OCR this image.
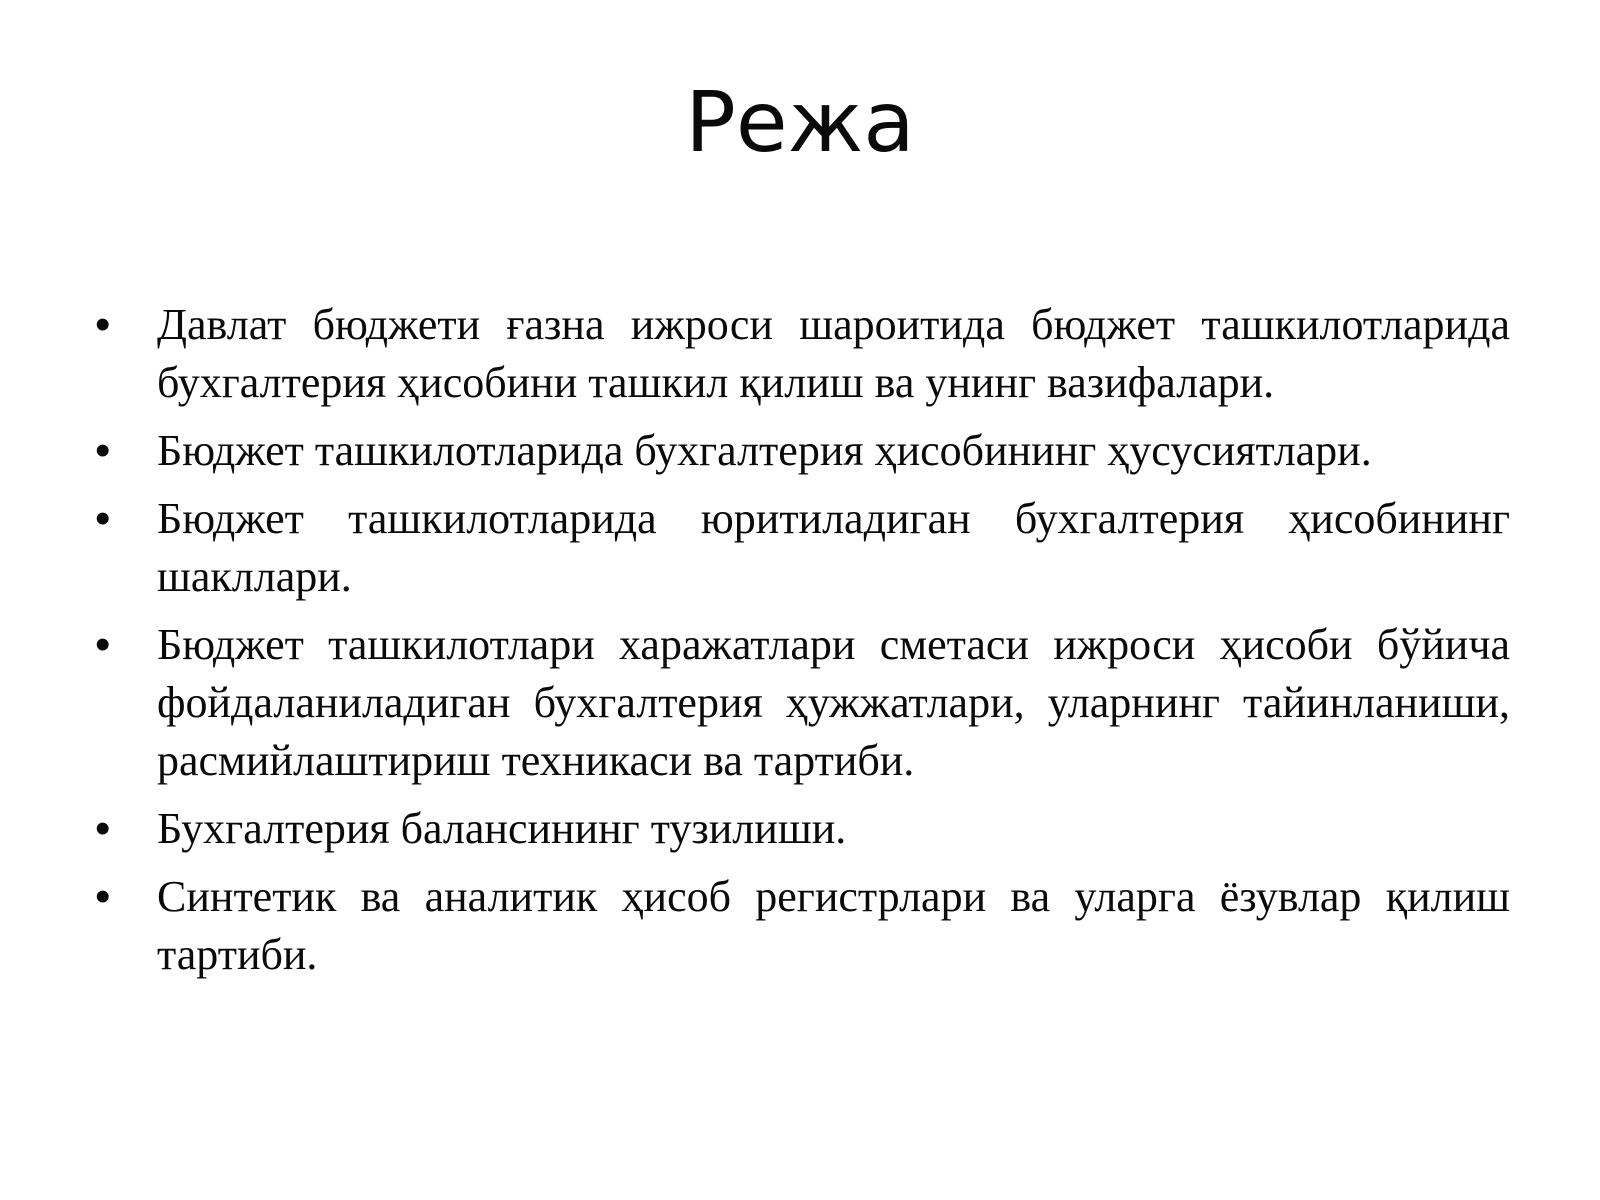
Режа
• Давлат бюджети ғазна ижроси шароитида бюджет ташкилотларида бухгалтерия ҳисобини ташкил қилиш ва унинг вазифалари.
• Бюджет ташкилотларида бухгалтерия ҳисобининг ҳусусиятлари.
• Бюджет ташкилотларида юритиладиган бухгалтерия ҳисобининг шакллари.
• Бюджет ташкилотлари харажатлари сметаси ижроси ҳисоби бўйича фойдаланиладиган бухгалтерия ҳужжатлари, уларнинг тайинланиши, расмийлаштириш техникаси ва тартиби.
• Бухгалтерия балансининг тузилиши.
• Синтетик ва аналитик ҳисоб регистрлари ва уларга ёзувлар қилиш тартиби.
